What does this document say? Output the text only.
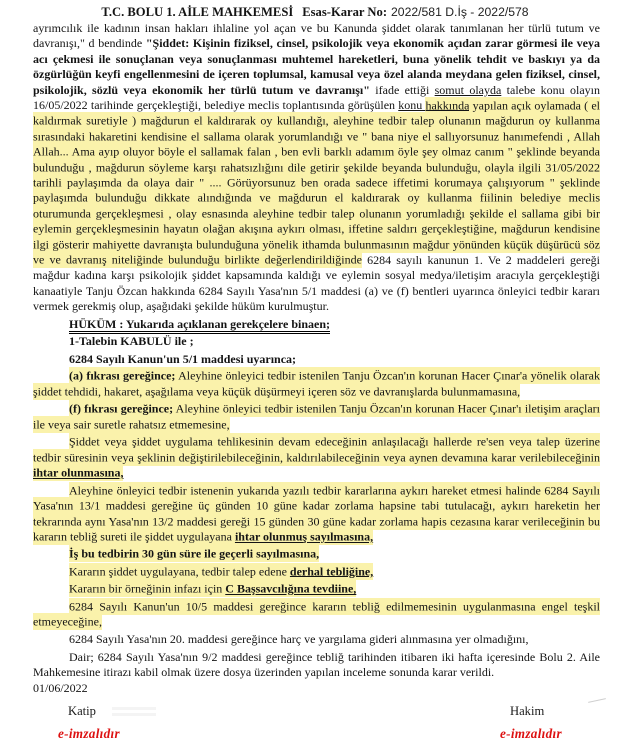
T.C. BOLU 1. AİLE MAHKEMESİ Esas-Karar No: 2022/581 D.İş - 2022/578

ayrımcılık ile kadının insan hakları ihlaline yol açan ve bu Kanunda şiddet olarak tanımlanan her türlü tutum ve davranışı," d bendinde "Şiddet: Kişinin fiziksel, cinsel, psikolojik veya ekonomik açıdan zarar görmesi ile veya acı çekmesi ile sonuçlanan veya sonuçlanması muhtemel hareketleri, buna yönelik tehdit ve baskıyı ya da özgürlüğün keyfi engellenmesini de içeren toplumsal, kamusal veya özel alanda meydana gelen fiziksel, cinsel, psikolojik, sözlü veya ekonomik her türlü tutum ve davranışı" ifade ettiği somut olayda talebe konu olayın 16/05/2022 tarihinde gerçekleştiği, belediye meclis toplantısında görüşülen konu hakkında yapılan açık oylamada ( el kaldırmak suretiyle ) mağdurun el kaldırarak oy kullandığı, aleyhine tedbir talep olunanın mağdurun oy kullanma sırasındaki hakaretini kendisine el sallama olarak yorumlandığı ve " bana niye el sallıyorsunuz hanımefendi , Allah Allah... Ama ayıp oluyor böyle el sallamak falan , ben evli barklı adamım öyle şey olmaz canım " şeklinde beyanda bulunduğu , mağdurun söyleme karşı rahatsızlığını dile getirir şekilde beyanda bulunduğu, olayla ilgili 31/05/2022 tarihli paylaşımda da olaya dair " .... Görüyorsunuz ben orada sadece iffetimi korumaya çalışıyorum " şeklinde paylaşımda bulunduğu dikkate alındığında ve mağdurun el kaldırarak oy kullanma fiilinin belediye meclis oturumunda gerçekleşmesi , olay esnasında aleyhine tedbir talep olunanın yorumladığı şekilde el sallama gibi bir eylemin gerçekleşmesinin hayatın olağan akışına aykırı olması, iffetine saldırı gerçekleştiğine, mağdurun kendisine ilgi gösterir mahiyette davranışta bulunduğuna yönelik ithamda bulunmasının mağdur yönünden küçük düşürücü söz ve ve davranış niteliğinde bulunduğu birlikte değerlendirildiğinde 6284 sayılı kanunun 1. Ve 2 maddeleri gereği mağdur kadına karşı psikolojik şiddet kapsamında kaldığı ve eylemin sosyal medya/iletişim aracıyla gerçekleştiği kanaatiyle Tanju Özcan hakkında 6284 Sayılı Yasa'nın 5/1 maddesi (a) ve (f) bentleri uyarınca önleyici tedbir kararı vermek gerekmiş olup, aşağıdaki şekilde hüküm kurulmuştur.

HÜKÜM : Yukarıda açıklanan gerekçelere binaen;

1-Talebin KABULÜ ile ;

6284 Sayılı Kanun'un 5/1 maddesi uyarınca;

(a) fıkrası gereğince; Aleyhine önleyici tedbir istenilen Tanju Özcan'ın korunan Hacer Çınar'a yönelik olarak şiddet tehdidi, hakaret, aşağılama veya küçük düşürmeyi içeren söz ve davranışlarda bulunmamasına,

(f) fıkrası gereğince; Aleyhine önleyici tedbir istenilen Tanju Özcan'ın korunan Hacer Çınar'ı iletişim araçları ile veya sair suretle rahatsız etmemesine,

Şiddet veya şiddet uygulama tehlikesinin devam edeceğinin anlaşılacağı hallerde re'sen veya talep üzerine tedbir süresinin veya şeklinin değiştirilebileceğinin, kaldırılabileceğinin veya aynen devamına karar verilebileceğinin ihtar olunmasına,

Aleyhine önleyici tedbir istenenin yukarıda yazılı tedbir kararlarına aykırı hareket etmesi halinde 6284 Sayılı Yasa'nın 13/1 maddesi gereğine üç günden 10 güne kadar zorlama hapsine tabi tutulacağı, aykırı hareketin her tekrarında aynı Yasa'nın 13/2 maddesi gereği 15 günden 30 güne kadar zorlama hapis cezasına karar verileceğinin bu kararın tebliğ sureti ile şiddet uygulayana ihtar olunmuş sayılmasına,

İş bu tedbirin 30 gün süre ile geçerli sayılmasına,

Kararın şiddet uygulayana, tedbir talep edene derhal tebliğine,

Kararın bir örneğinin infazı için C Başsavcılığına tevdiine,

6284 Sayılı Kanun'un 10/5 maddesi gereğince kararın tebliğ edilmemesinin uygulanmasına engel teşkil etmeyeceğine,

6284 Sayılı Yasa'nın 20. maddesi gereğince harç ve yargılama gideri alınmasına yer olmadığını,

Dair; 6284 Sayılı Yasa'nın 9/2 maddesi gereğince tebliğ tarihinden itibaren iki hafta içeresinde Bolu 2. Aile Mahkemesine itirazı kabil olmak üzere dosya üzerinden yapılan inceleme sonunda karar verildi.

01/06/2022

Katip
e-imzalıdır
Hakim
e-imzalıdır
